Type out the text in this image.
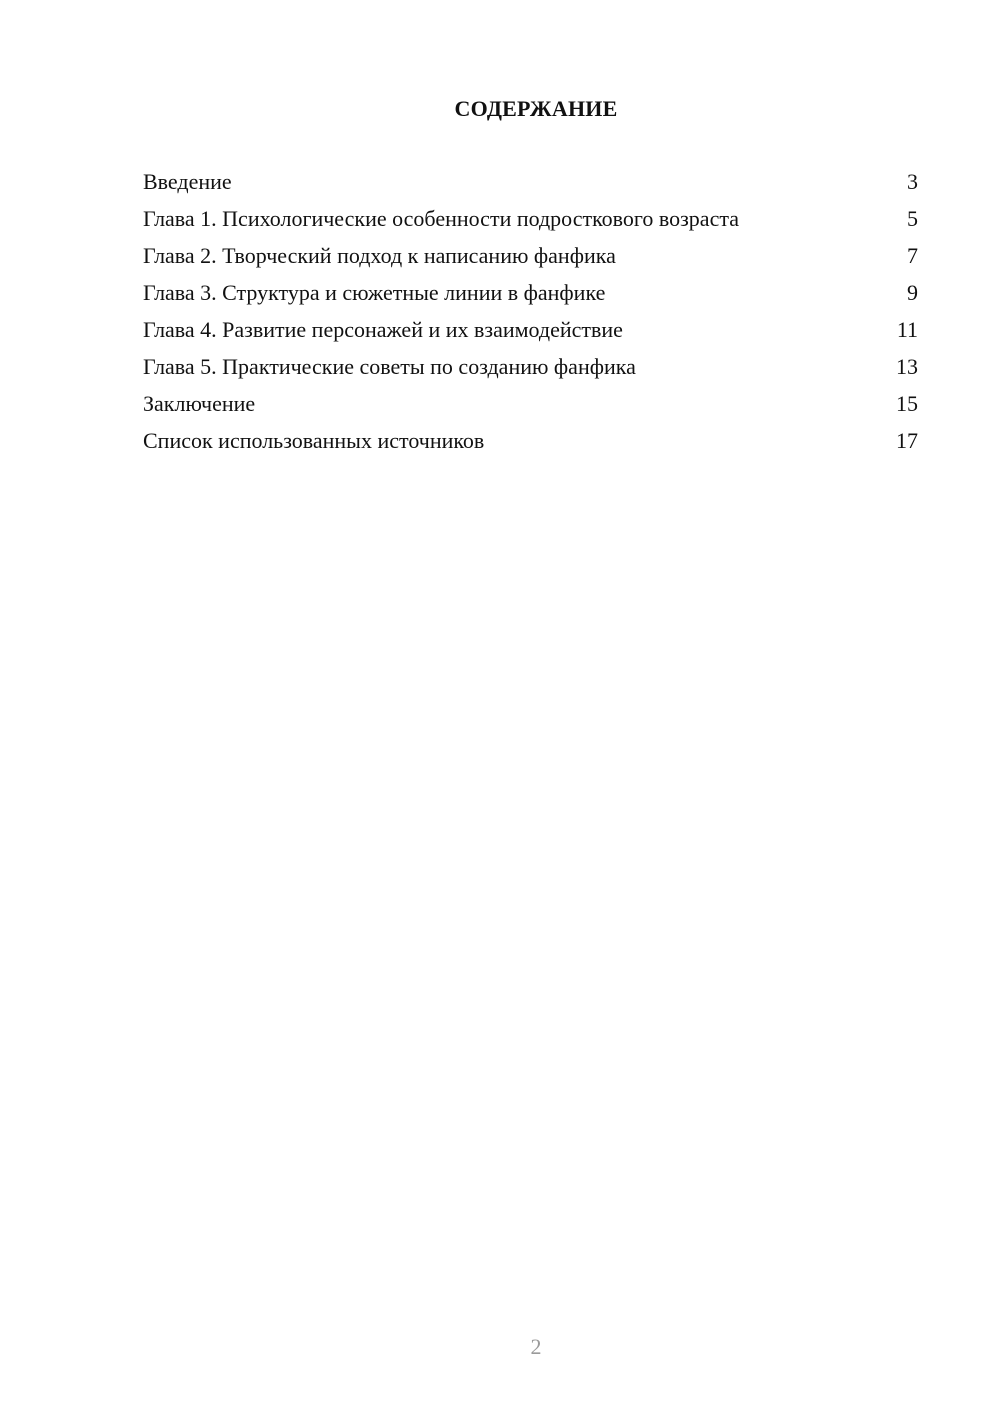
СОДЕРЖАНИЕ
Введение	3
Глава 1. Психологические особенности подросткового возраста	5
Глава 2. Творческий подход к написанию фанфика	7
Глава 3. Структура и сюжетные линии в фанфике	9
Глава 4. Развитие персонажей и их взаимодействие	11
Глава 5. Практические советы по созданию фанфика	13
Заключение	15
Список использованных источников	17
2
